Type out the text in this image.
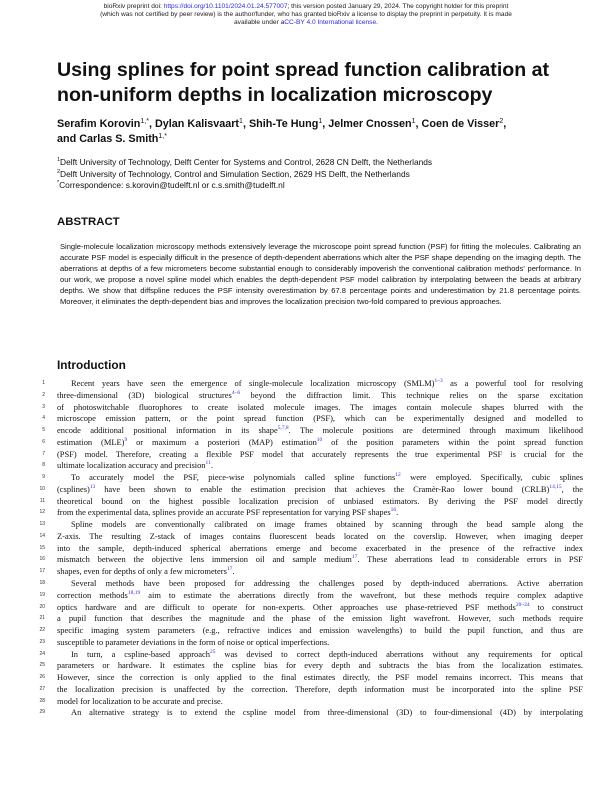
bioRxiv preprint doi: https://doi.org/10.1101/2024.01.24.577007; this version posted January 29, 2024. The copyright holder for this preprint
(which was not certified by peer review) is the author/funder, who has granted bioRxiv a license to display the preprint in perpetuity. It is made
available under aCC-BY 4.0 International license.
Using splines for point spread function calibration at non-uniform depths in localization microscopy
Serafim Korovin$^{1,*}$, Dylan Kalisvaart$^1$, Shih-Te Hung$^1$, Jelmer Cnossen$^1$, Coen de Visser$^2$,
and Carlas S. Smith$^{1,*}$
$^1$Delft University of Technology, Delft Center for Systems and Control, 2628 CN Delft, the Netherlands
$^2$Delft University of Technology, Control and Simulation Section, 2629 HS Delft, the Netherlands
*Correspondence: s.korovin@tudelft.nl or c.s.smith@tudelft.nl
ABSTRACT
Single-molecule localization microscopy methods extensively leverage the microscope point spread function (PSF) for fitting the molecules. Calibrating an accurate PSF model is especially difficult in the presence of depth-dependent aberrations which alter the PSF shape depending on the imaging depth. The aberrations at depths of a few micrometers become substantial enough to considerably impoverish the conventional calibration methods' performance. In our work, we propose a novel spline model which enables the depth-dependent PSF model calibration by interpolating between the beads at arbitrary depths. We show that diffspline reduces the PSF intensity overestimation by 67.8 percentage points and underestimation by 21.8 percentage points. Moreover, it eliminates the depth-dependent bias and improves the localization precision two-fold compared to previous approaches.
Introduction
1	Recent years have seen the emergence of single-molecule localization microscopy (SMLM)$^{1-3}$ as a powerful tool for resolving
2 three-dimensional (3D) biological structures$^{4-6}$ beyond the diffraction limit. This technique relies on the sparse excitation
3 of photoswitchable fluorophores to create isolated molecule images. The images contain molecule shapes blurred with the
4 microscope emission pattern, or the point spread function (PSF), which can be experimentally designed and modelled to
5 encode additional positional information in its shape$^{5,7,8}$. The molecule positions are determined through maximum likelihood
6 estimation (MLE)$^9$ or maximum a posteriori (MAP) estimation$^{10}$ of the position parameters within the point spread function
7 (PSF) model. Therefore, creating a flexible PSF model that accurately represents the true experimental PSF is crucial for the
8 ultimate localization accuracy and precision$^{11}$.
9	To accurately model the PSF, piece-wise polynomials called spline functions$^{12}$ were employed. Specifically, cubic splines
10 (csplines)$^{13}$ have been shown to enable the estimation precision that achieves the Cramèr-Rao lower bound (CRLB)$^{14,15}$, the
11 theoretical bound on the highest possible localization precision of unbiased estimators. By deriving the PSF model directly
12 from the experimental data, splines provide an accurate PSF representation for varying PSF shapes$^{16}$.
13	Spline models are conventionally calibrated on image frames obtained by scanning through the bead sample along the
14 Z-axis. The resulting Z-stack of images contains fluorescent beads located on the coverslip. However, when imaging deeper
15 into the sample, depth-induced spherical aberrations emerge and become exacerbated in the presence of the refractive index
16 mismatch between the objective lens immersion oil and sample medium$^{17}$. These aberrations lead to considerable errors in PSF
17 shapes, even for depths of only a few micrometers$^{17}$.
18	Several methods have been proposed for addressing the challenges posed by depth-induced aberrations. Active aberration
19 correction methods$^{18,19}$ aim to estimate the aberrations directly from the wavefront, but these methods require complex adaptive
20 optics hardware and are difficult to operate for non-experts. Other approaches use phase-retrieved PSF methods$^{20-24}$ to construct
21 a pupil function that describes the magnitude and the phase of the emission light wavefront. However, such methods require
22 specific imaging system parameters (e.g., refractive indices and emission wavelengths) to build the pupil function, and thus are
23 susceptible to parameter deviations in the form of noise or optical imperfections.
24	In turn, a cspline-based approach$^{25}$ was devised to correct depth-induced aberrations without any requirements for optical
25 parameters or hardware. It estimates the cspline bias for every depth and subtracts the bias from the localization estimates.
26 However, since the correction is only applied to the final estimates directly, the PSF model remains incorrect. This means that
27 the localization precision is unaffected by the correction. Therefore, depth information must be incorporated into the spline PSF
28 model for localization to be accurate and precise.
29	An alternative strategy is to extend the cspline model from three-dimensional (3D) to four-dimensional (4D) by interpolating
